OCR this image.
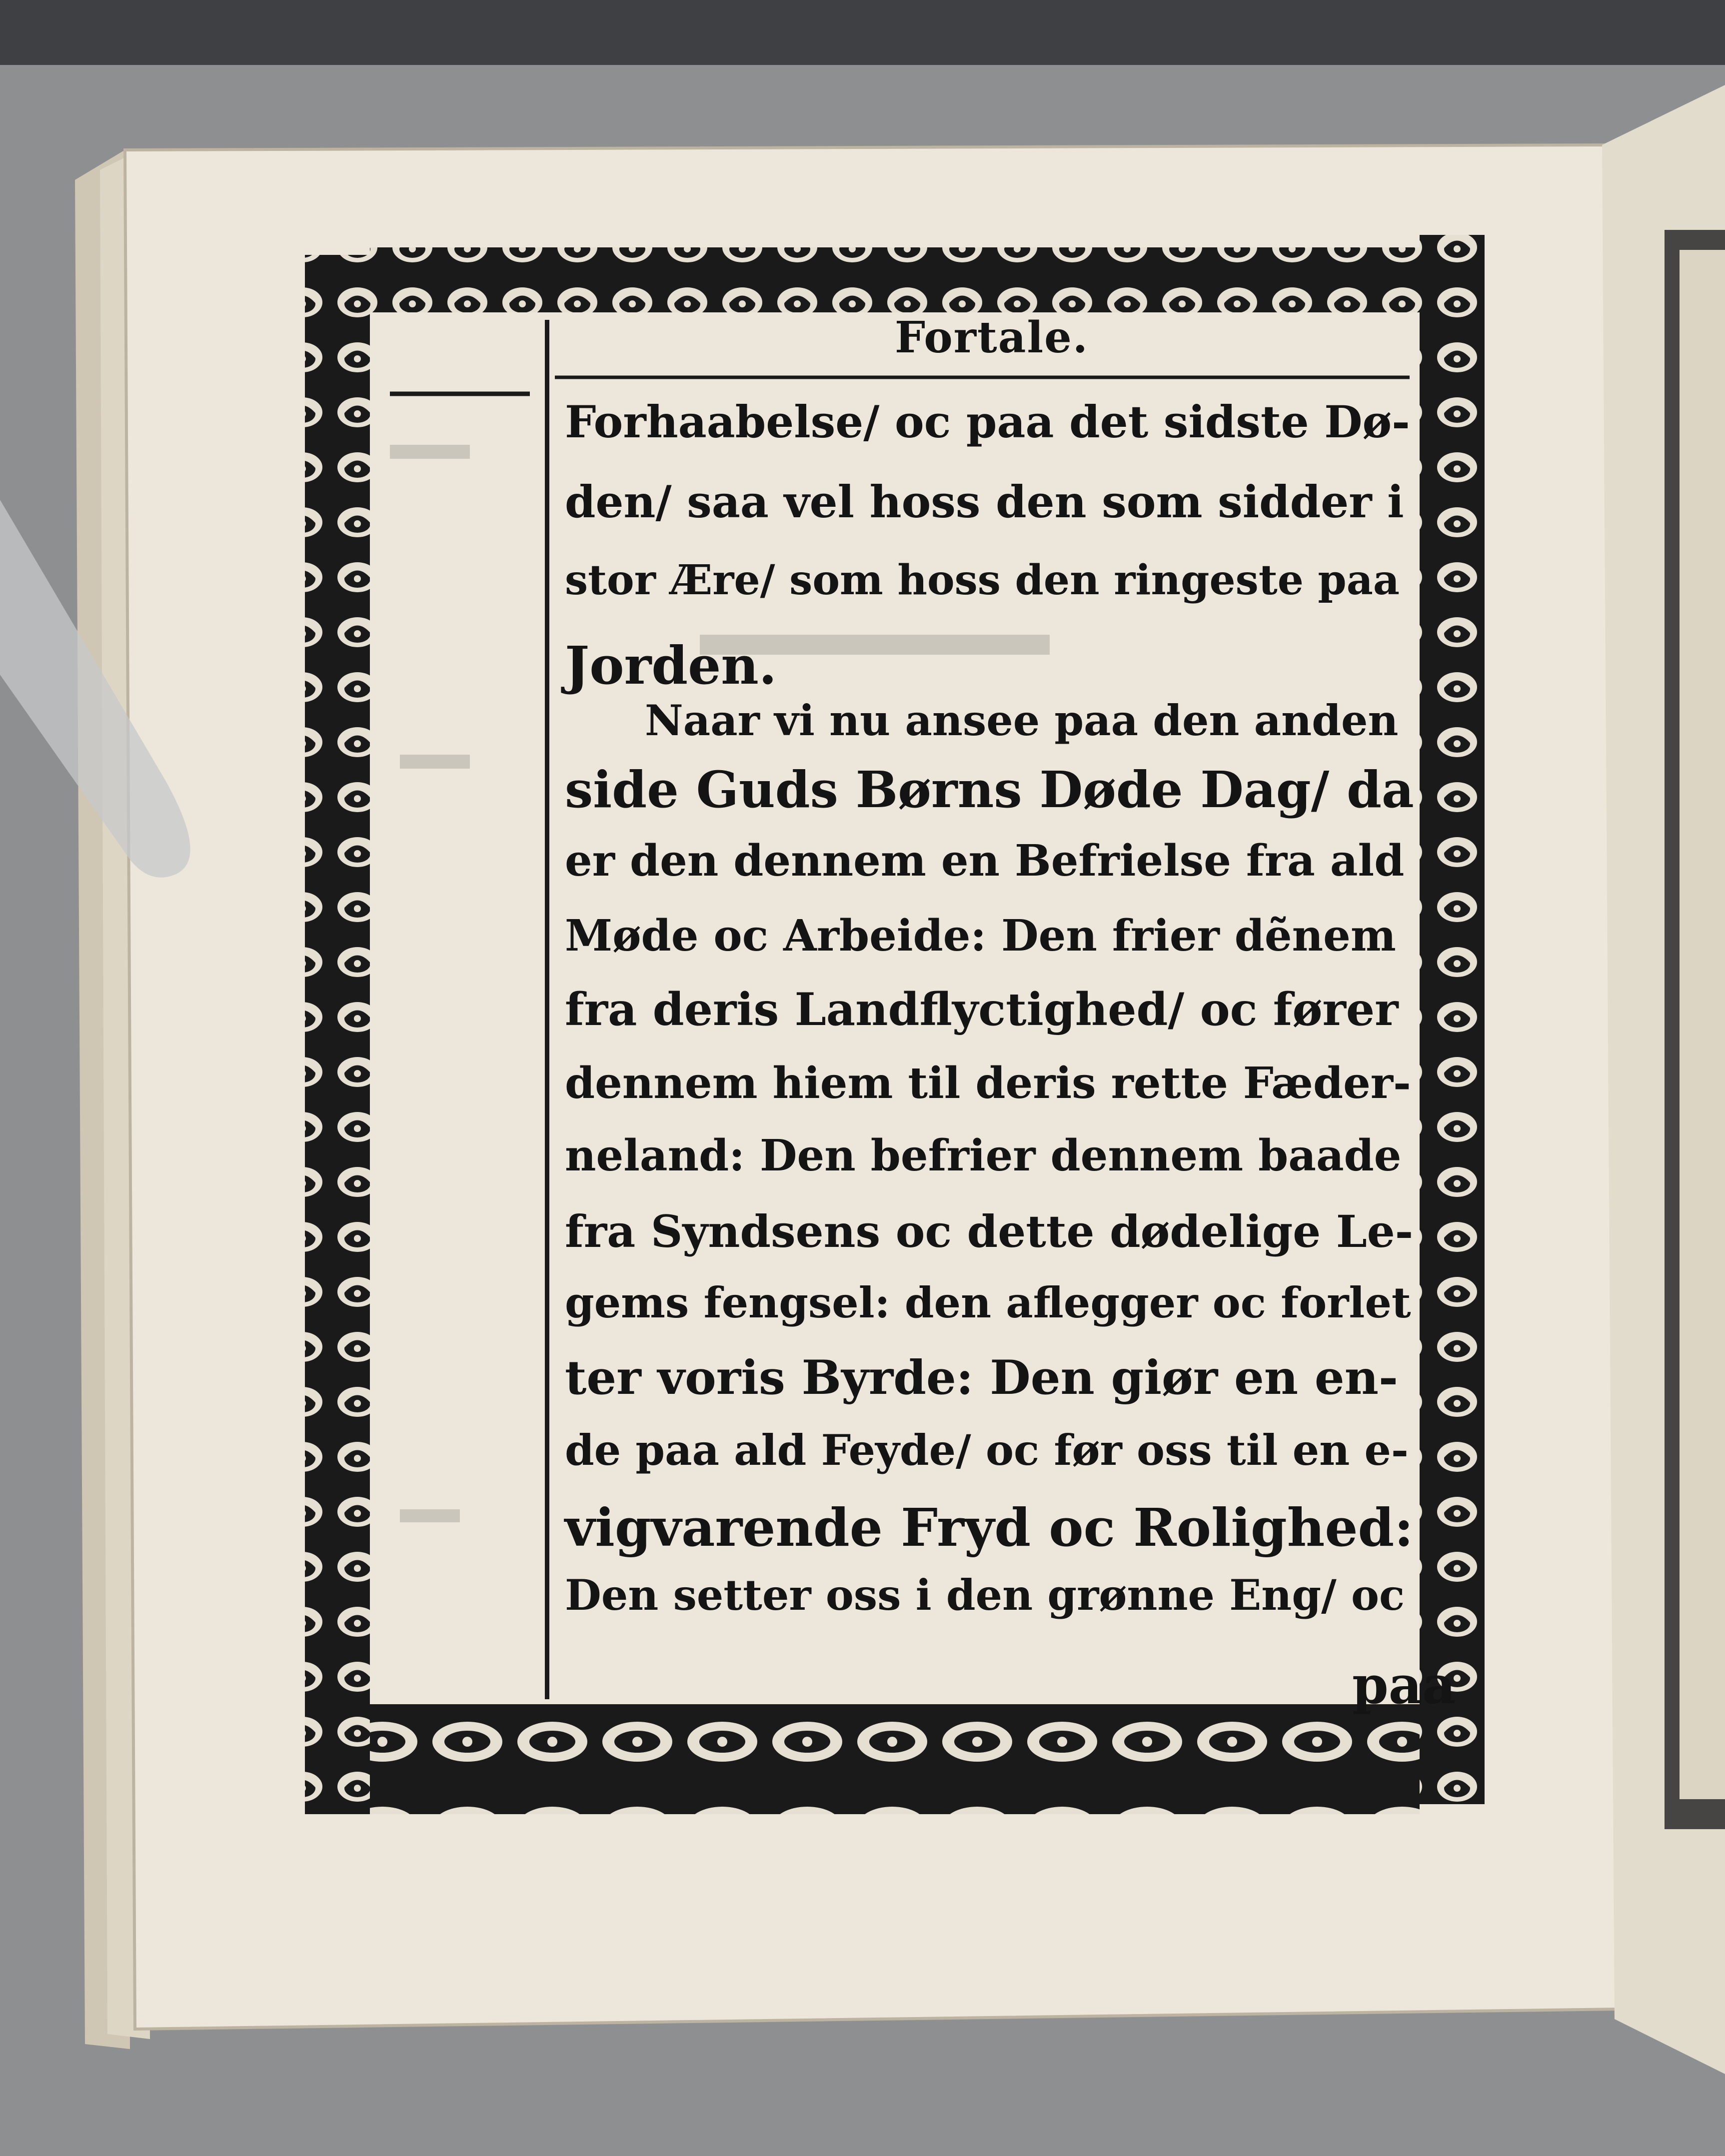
Fortale.
Forhaabelse/ oc paa det sidste Dø-
den/ saa vel hoss den som sidder i
stor Ære/ som hoss den ringeste paa
Jorden.
Naar vi nu ansee paa den anden
side Guds Børns Døde Dag/ da
er den dennem en Befrielse fra ald
Møde oc Arbeide: Den frier dẽnem
fra deris Landflyctighed/ oc fører
dennem hiem til deris rette Fæder-
neland: Den befrier dennem baade
fra Syndsens oc dette dødelige Le-
gems fengsel: den aflegger oc forlet
ter voris Byrde: Den giør en en-
de paa ald Feyde/ oc før oss til en e-
vigvarende Fryd oc Rolighed:
Den setter oss i den grønne Eng/ oc
paa
